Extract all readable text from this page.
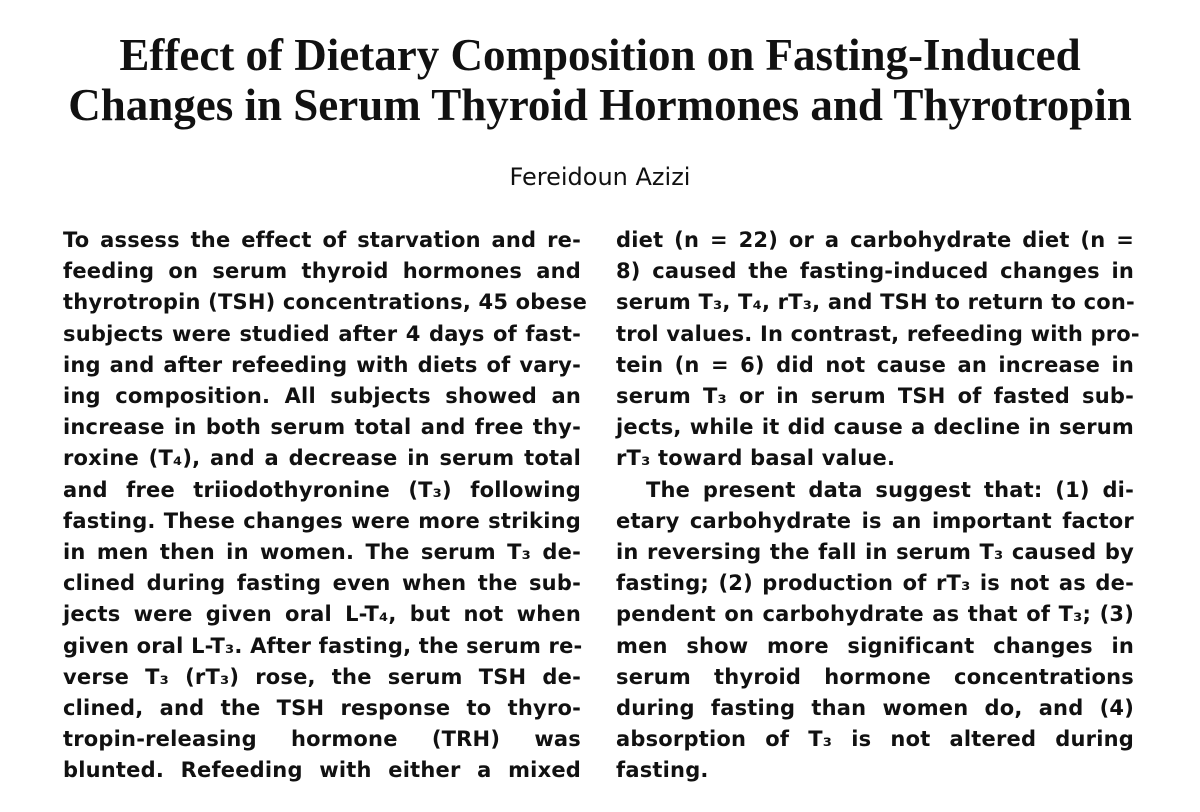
Effect of Dietary Composition on Fasting-Induced
Changes in Serum Thyroid Hormones and Thyrotropin
Fereidoun Azizi
To assess the effect of starvation and re-
feeding on serum thyroid hormones and
thyrotropin (TSH) concentrations, 45 obese
subjects were studied after 4 days of fast-
ing and after refeeding with diets of vary-
ing composition. All subjects showed an
increase in both serum total and free thy-
roxine (T₄), and a decrease in serum total
and free triiodothyronine (T₃) following
fasting. These changes were more striking
in men then in women. The serum T₃ de-
clined during fasting even when the sub-
jects were given oral L-T₄, but not when
given oral L-T₃. After fasting, the serum re-
verse T₃ (rT₃) rose, the serum TSH de-
clined, and the TSH response to thyro-
tropin-releasing hormone (TRH) was
blunted. Refeeding with either a mixed
diet (n = 22) or a carbohydrate diet (n =
8) caused the fasting-induced changes in
serum T₃, T₄, rT₃, and TSH to return to con-
trol values. In contrast, refeeding with pro-
tein (n = 6) did not cause an increase in
serum T₃ or in serum TSH of fasted sub-
jects, while it did cause a decline in serum
rT₃ toward basal value.
The present data suggest that: (1) di-
etary carbohydrate is an important factor
in reversing the fall in serum T₃ caused by
fasting; (2) production of rT₃ is not as de-
pendent on carbohydrate as that of T₃; (3)
men show more significant changes in
serum thyroid hormone concentrations
during fasting than women do, and (4)
absorption of T₃ is not altered during
fasting.
